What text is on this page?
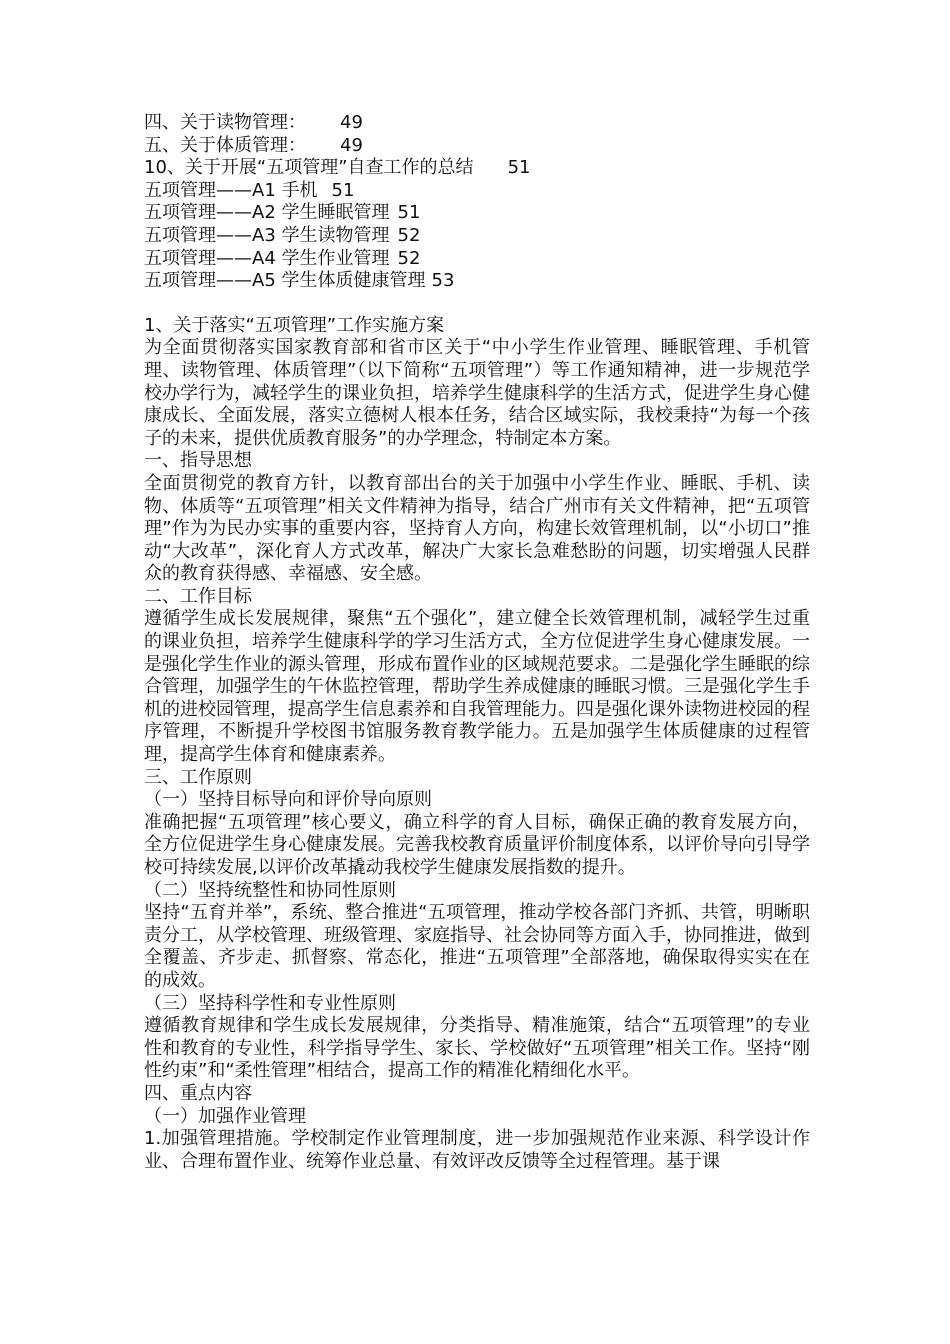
四、关于读物管理： 49
五、关于体质管理： 49
10、关于开展“五项管理”自查工作的总结 51
五项管理——A1 手机 51
五项管理——A2 学生睡眠管理 51
五项管理——A3 学生读物管理 52
五项管理——A4 学生作业管理 52
五项管理——A5 学生体质健康管理 53
1、关于落实“五项管理”工作实施方案
为全面贯彻落实国家教育部和省市区关于“中小学生作业管理、睡眠管理、手机管理、读物管理、体质管理”（以下简称“五项管理”）等工作通知精神，进一步规范学校办学行为，减轻学生的课业负担，培养学生健康科学的生活方式，促进学生身心健康成长、全面发展，落实立德树人根本任务，结合区域实际，我校秉持“为每一个孩子的未来，提供优质教育服务”的办学理念，特制定本方案。
一、指导思想
全面贯彻党的教育方针，以教育部出台的关于加强中小学生作业、睡眠、手机、读物、体质等“五项管理”相关文件精神为指导，结合广州市有关文件精神，把“五项管理”作为为民办实事的重要内容，坚持育人方向，构建长效管理机制，以“小切口”推动“大改革”，深化育人方式改革，解决广大家长急难愁盼的问题，切实增强人民群众的教育获得感、幸福感、安全感。
二、工作目标
遵循学生成长发展规律，聚焦“五个强化”，建立健全长效管理机制，减轻学生过重的课业负担，培养学生健康科学的学习生活方式，全方位促进学生身心健康发展。一是强化学生作业的源头管理，形成布置作业的区域规范要求。二是强化学生睡眠的综合管理，加强学生的午休监控管理，帮助学生养成健康的睡眠习惯。三是强化学生手机的进校园管理，提高学生信息素养和自我管理能力。四是强化课外读物进校园的程序管理，不断提升学校图书馆服务教育教学能力。五是加强学生体质健康的过程管理，提高学生体育和健康素养。
三、工作原则
（一）坚持目标导向和评价导向原则
准确把握“五项管理”核心要义，确立科学的育人目标，确保正确的教育发展方向，全方位促进学生身心健康发展。完善我校教育质量评价制度体系，以评价导向引导学校可持续发展,以评价改革撬动我校学生健康发展指数的提升。
（二）坚持统整性和协同性原则
坚持“五育并举”，系统、整合推进“五项管理，推动学校各部门齐抓、共管，明晰职责分工，从学校管理、班级管理、家庭指导、社会协同等方面入手，协同推进，做到全覆盖、齐步走、抓督察、常态化，推进“五项管理”全部落地，确保取得实实在在的成效。
（三）坚持科学性和专业性原则
遵循教育规律和学生成长发展规律，分类指导、精准施策，结合“五项管理”的专业性和教育的专业性，科学指导学生、家长、学校做好“五项管理”相关工作。坚持“刚性约束”和“柔性管理”相结合，提高工作的精准化精细化水平。
四、重点内容
（一）加强作业管理
1.加强管理措施。学校制定作业管理制度，进一步加强规范作业来源、科学设计作业、合理布置作业、统筹作业总量、有效评改反馈等全过程管理。基于课
